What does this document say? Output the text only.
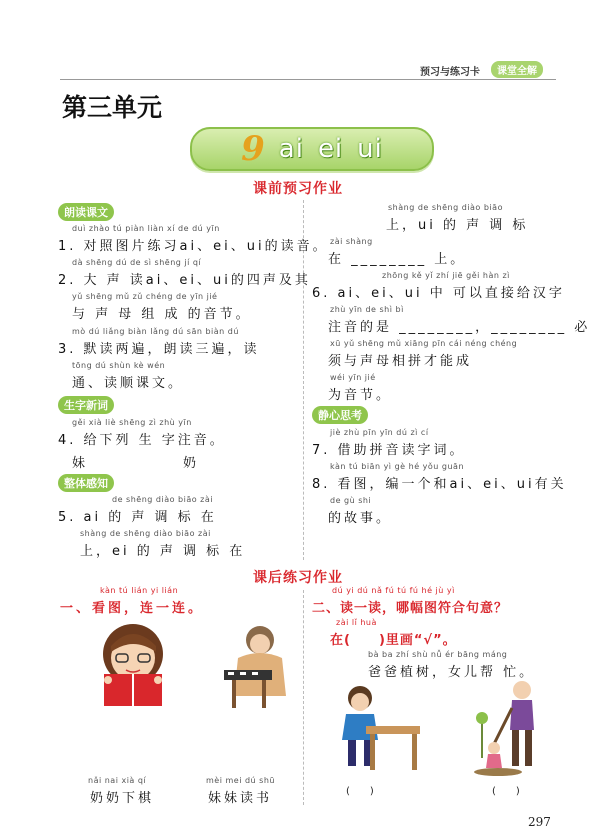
预习与练习卡	课堂全解
第三单元
9 ai ei ui
课前预习作业
朗读课文
duì zhào tú piàn liàn xí de dú yīn
1. 对照图片练习ai、ei、ui的读音。
dà shēng dú de sì shēng jí qí
2. 大 声 读ai、ei、ui的四声及其
yǔ shēng mǔ zǔ chéng de yīn jié
与 声 母 组 成 的音节。
mò dú liǎng biàn lǎng dú sān biàn dú
3. 默读两遍，朗读三遍，读
tōng dú shùn kè wén
通、读顺课文。
生字新词
gěi xià liè shēng zì zhù yīn
4. 给下列 生 字注音。
妹	奶
整体感知
de shēng diào biāo zài
5. ai 的 声 调 标 在
shàng de shēng diào biāo zài
上，ei 的 声 调 标 在
shàng de shēng diào biāo
上，ui 的 声 调 标
zài shàng
在 ________ 上。
zhōng kě yǐ zhí jiē gěi hàn zì
6. ai、ei、ui 中 可以直接给汉字
zhù yīn de shì bì
注音的是 ________，________ 必
xū yǔ shēng mǔ xiāng pīn cái néng chéng
须与声母相拼才能成
wéi yīn jié
为音节。
静心思考
jiè zhù pīn yīn dú zì cí
7. 借助拼音读字词。
kàn tú biān yì gè hé yǒu guān
8. 看图，编一个和ai、ei、ui有关
de gù shi
的故事。
课后练习作业
kàn tú lián yi lián
一、看图，连一连。
nǎi nai xià qí
奶奶下棋
mèi mei dú shū
妹妹读书
dú yi dú nǎ fú tú fú hé jù yì
二、读一读，哪幅图符合句意？
zài lǐ huà
在(　　)里画“√”。
bà ba zhí shù nǚ ér bāng máng
爸爸植树，女儿帮 忙。
(　　)	(　　)
297
